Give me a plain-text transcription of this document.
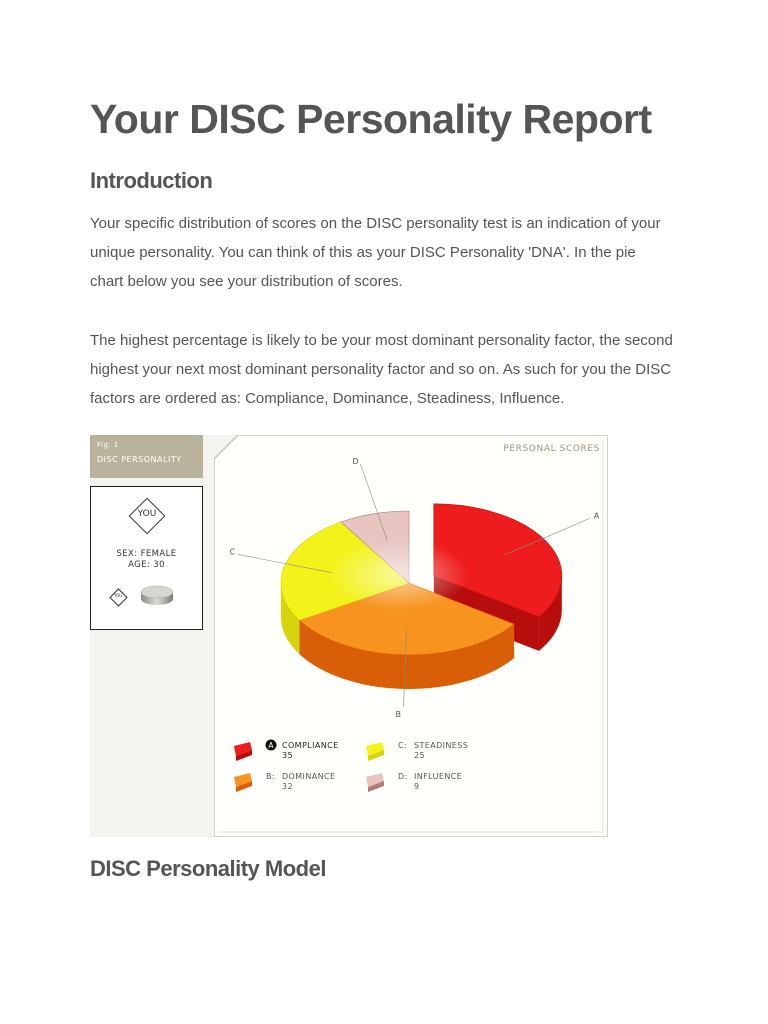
Your DISC Personality Report
Introduction
Your specific distribution of scores on the DISC personality test is an indication of your
unique personality. You can think of this as your DISC Personality 'DNA'. In the pie
chart below you see your distribution of scores.
The highest percentage is likely to be your most dominant personality factor, the second
highest your next most dominant personality factor and so on. As such for you the DISC
factors are ordered as: Compliance, Dominance, Steadiness, Influence.
Fig. 1
DISC PERSONALITY
YOU
SEX: FEMALE
AGE: 30
YOU
PERSONAL SCORES
A
B
C
D
A COMPLIANCE
35
B: DOMINANCE
32
C: STEADINESS
25
D: INFLUENCE
9
DISC Personality Model
